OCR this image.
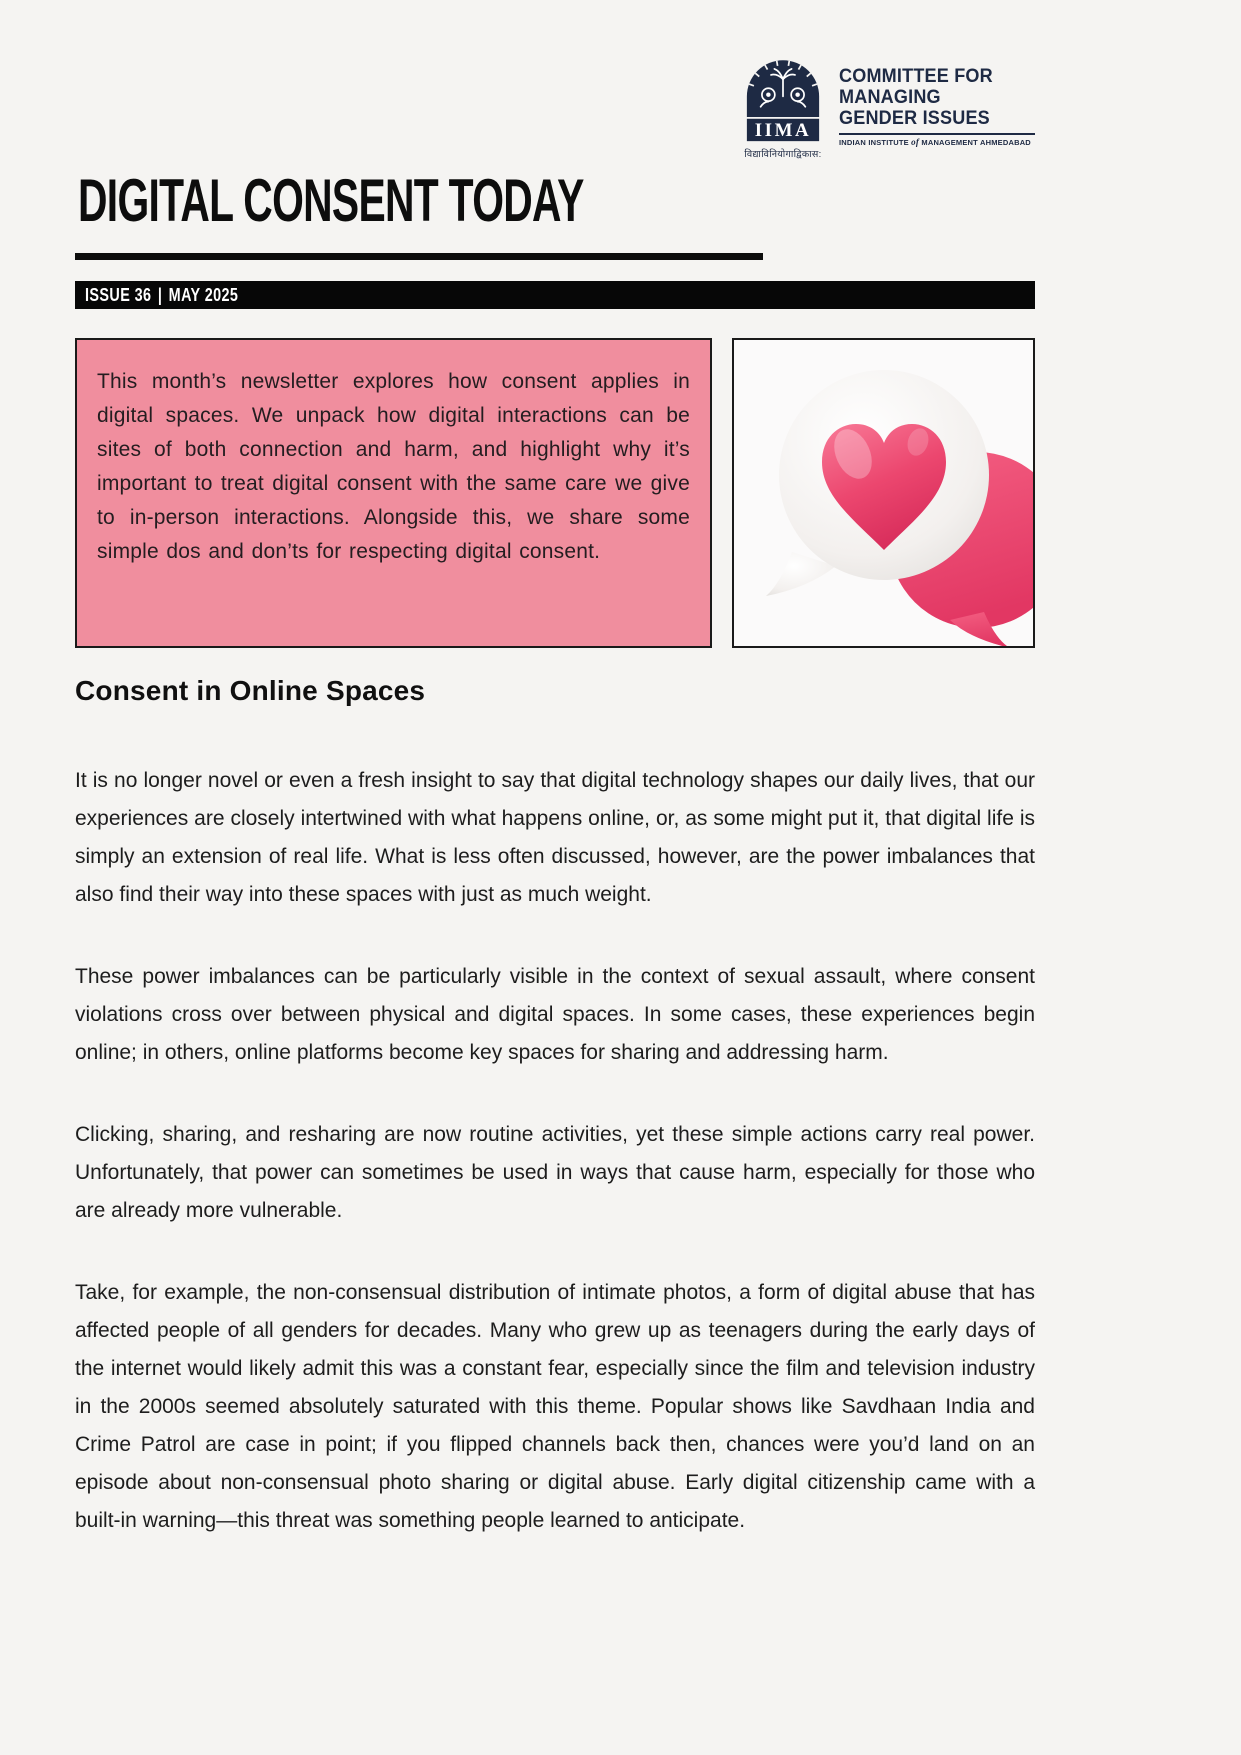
IIMA
विद्याविनियोगाद्विकास:
COMMITTEE FOR
MANAGING
GENDER ISSUES
INDIAN INSTITUTE of MANAGEMENT AHMEDABAD
DIGITAL CONSENT TODAY
ISSUE 36 | MAY 2025

This month’s newsletter explores how consent applies in digital spaces. We unpack how digital interactions can be sites of both connection and harm, and highlight why it’s important to treat digital consent with the same care we give to in-person interactions. Alongside this, we share some simple dos and don’ts for respecting digital consent.

Consent in Online Spaces

It is no longer novel or even a fresh insight to say that digital technology shapes our daily lives, that our experiences are closely intertwined with what happens online, or, as some might put it, that digital life is simply an extension of real life. What is less often discussed, however, are the power imbalances that also find their way into these spaces with just as much weight.

These power imbalances can be particularly visible in the context of sexual assault, where consent violations cross over between physical and digital spaces. In some cases, these experiences begin online; in others, online platforms become key spaces for sharing and addressing harm.

Clicking, sharing, and resharing are now routine activities, yet these simple actions carry real power. Unfortunately, that power can sometimes be used in ways that cause harm, especially for those who are already more vulnerable.

Take, for example, the non-consensual distribution of intimate photos, a form of digital abuse that has affected people of all genders for decades. Many who grew up as teenagers during the early days of the internet would likely admit this was a constant fear, especially since the film and television industry in the 2000s seemed absolutely saturated with this theme. Popular shows like Savdhaan India and Crime Patrol are case in point; if you flipped channels back then, chances were you’d land on an episode about non-consensual photo sharing or digital abuse. Early digital citizenship came with a built-in warning—this threat was something people learned to anticipate.
